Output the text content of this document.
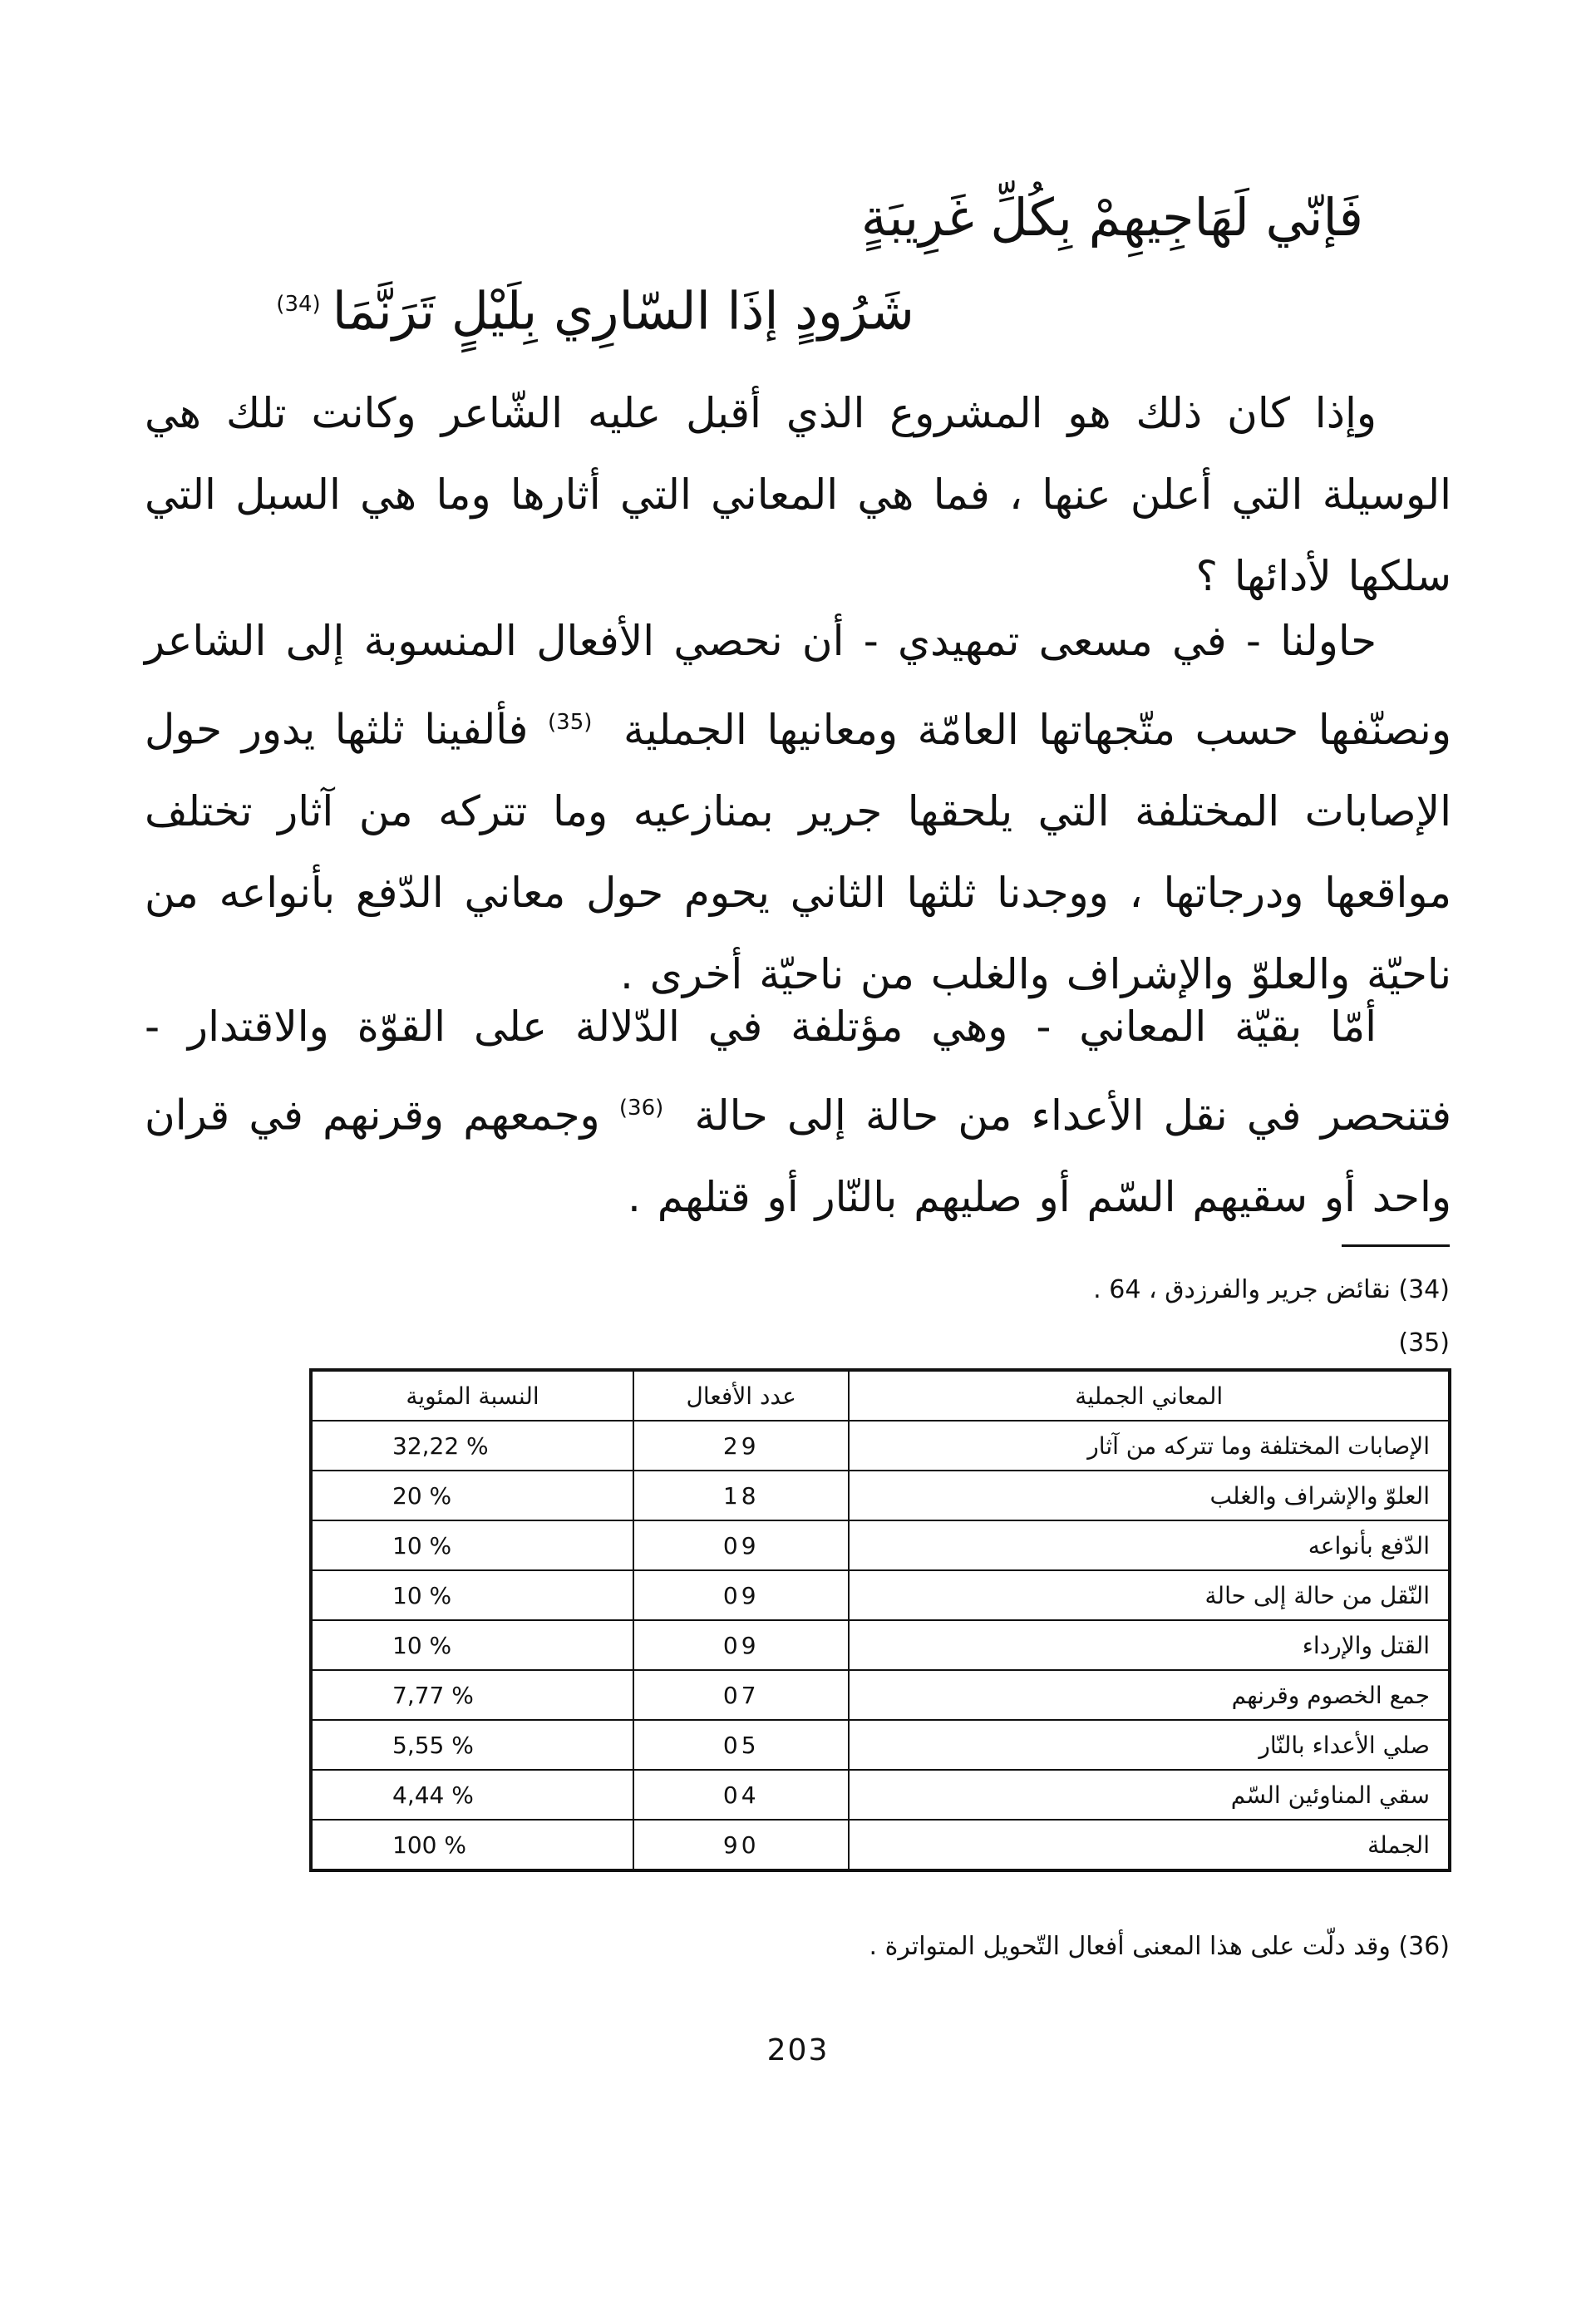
فَإنّي لَهَاجِيهِمْ بِكُلِّ غَرِيبَةٍ
شَرُودٍ إذَا السّارِي بِلَيْلٍ تَرَنَّمَا$^{(34)}$
وإذا كان ذلك هو المشروع الذي أقبل عليه الشّاعر وكانت تلك هي الوسيلة التي أعلن عنها ، فما هي المعاني التي أثارها وما هي السبل التي سلكها لأدائها ؟
حاولنا - في مسعى تمهيدي - أن نحصي الأفعال المنسوبة إلى الشاعر ونصنّفها حسب متّجهاتها العامّة ومعانيها الجملية $^{(35)}$ فألفينا ثلثها يدور حول الإصابات المختلفة التي يلحقها جرير بمنازعيه وما تتركه من آثار تختلف مواقعها ودرجاتها ، ووجدنا ثلثها الثاني يحوم حول معاني الدّفع بأنواعه من ناحيّة والعلوّ والإشراف والغلب من ناحيّة أخرى .
أمّا بقيّة المعاني - وهي مؤتلفة في الدّلالة على القوّة والاقتدار - فتنحصر في نقل الأعداء من حالة إلى حالة $^{(36)}$ وجمعهم وقرنهم في قران واحد أو سقيهم السّم أو صليهم بالنّار أو قتلهم .
(34) نقائض جرير والفرزدق ، 64 .
(35)
المعاني الجملية	عدد الأفعال	النسبة المئوية
الإصابات المختلفة وما تتركه من آثار	29	32,22 %
العلوّ والإشراف والغلب	18	20 %
الدّفع بأنواعه	09	10 %
النّقل من حالة إلى حالة	09	10 %
القتل والإرداء	09	10 %
جمع الخصوم وقرنهم	07	7,77 %
صلي الأعداء بالنّار	05	5,55 %
سقي المناوئين السّم	04	4,44 %
الجملة	90	100 %
(36) وقد دلّت على هذا المعنى أفعال التّحويل المتواترة .
203
